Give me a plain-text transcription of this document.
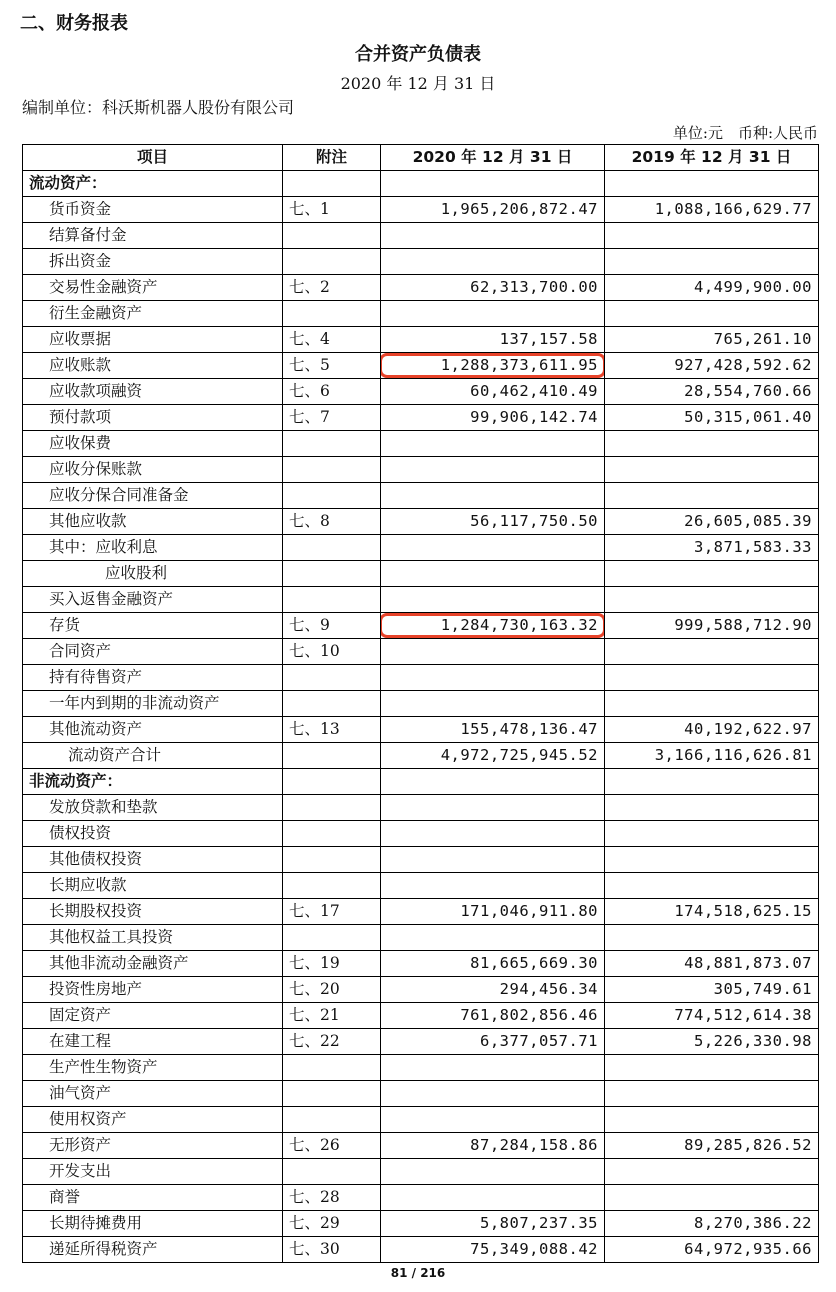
二、财务报表
合并资产负债表
2020 年 12 月 31 日
编制单位：科沃斯机器人股份有限公司
单位:元　币种:人民币
项目	附注	2020 年 12 月 31 日	2019 年 12 月 31 日
流动资产：			
货币资金	七、1	1,965,206,872.47	1,088,166,629.77
结算备付金			
拆出资金			
交易性金融资产	七、2	62,313,700.00	4,499,900.00
衍生金融资产			
应收票据	七、4	137,157.58	765,261.10
应收账款	七、5	1,288,373,611.95	927,428,592.62
应收款项融资	七、6	60,462,410.49	28,554,760.66
预付款项	七、7	99,906,142.74	50,315,061.40
应收保费			
应收分保账款			
应收分保合同准备金			
其他应收款	七、8	56,117,750.50	26,605,085.39
其中：应收利息			3,871,583.33
应收股利			
买入返售金融资产			
存货	七、9	1,284,730,163.32	999,588,712.90
合同资产	七、10		
持有待售资产			
一年内到期的非流动资产			
其他流动资产	七、13	155,478,136.47	40,192,622.97
流动资产合计		4,972,725,945.52	3,166,116,626.81
非流动资产：			
发放贷款和垫款			
债权投资			
其他债权投资			
长期应收款			
长期股权投资	七、17	171,046,911.80	174,518,625.15
其他权益工具投资			
其他非流动金融资产	七、19	81,665,669.30	48,881,873.07
投资性房地产	七、20	294,456.34	305,749.61
固定资产	七、21	761,802,856.46	774,512,614.38
在建工程	七、22	6,377,057.71	5,226,330.98
生产性生物资产			
油气资产			
使用权资产			
无形资产	七、26	87,284,158.86	89,285,826.52
开发支出			
商誉	七、28		
长期待摊费用	七、29	5,807,237.35	8,270,386.22
递延所得税资产	七、30	75,349,088.42	64,972,935.66
81 / 216
